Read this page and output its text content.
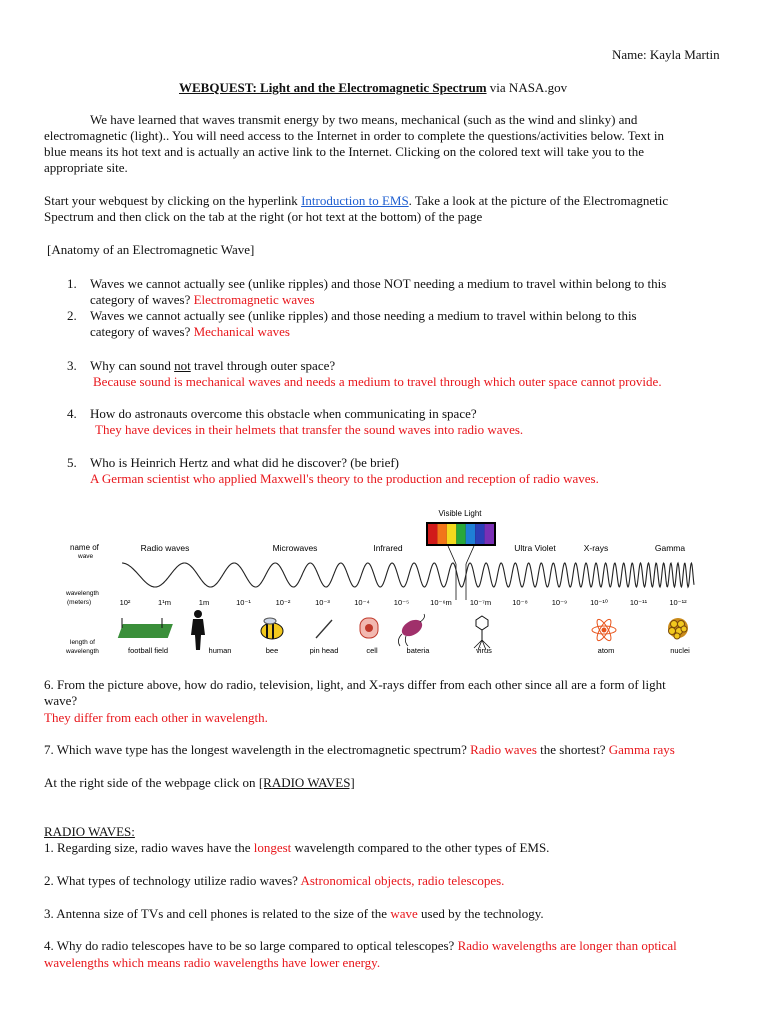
Name: Kayla Martin
WEBQUEST: Light and the Electromagnetic Spectrum via NASA.gov
We have learned that waves transmit energy by two means, mechanical (such as the wind and slinky) and
electromagnetic (light).. You will need access to the Internet in order to complete the questions/activities below. Text in
blue means its hot text and is actually an active link to the Internet. Clicking on the colored text will take you to the
appropriate site.
Start your webquest by clicking on the hyperlink Introduction to EMS. Take a look at the picture of the Electromagnetic
Spectrum and then click on the tab at the right (or hot text at the bottom) of the page
[Anatomy of an Electromagnetic Wave]
1. Waves we cannot actually see (unlike ripples) and those NOT needing a medium to travel within belong to this
category of waves? Electromagnetic waves
2. Waves we cannot actually see (unlike ripples) and those needing a medium to travel within belong to this
category of waves? Mechanical waves
3. Why can sound not travel through outer space?
Because sound is mechanical waves and needs a medium to travel through which outer space cannot provide.
4. How do astronauts overcome this obstacle when communicating in space?
They have devices in their helmets that transfer the sound waves into radio waves.
5. Who is Heinrich Hertz and what did he discover? (be brief)
A German scientist who applied Maxwell's theory to the production and reception of radio waves.
Visible Light
name of
wave
wavelength
(meters)
length of
wavelength
Radio waves	Microwaves	Infrared	Ultra Violet	X-rays	Gamma
10²	1¹m	1m	10⁻¹	10⁻²	10⁻³	10⁻⁴	10⁻⁵	10⁻⁶m 10⁻⁷m	10⁻⁸	10⁻⁹	10⁻¹⁰	10⁻¹¹	10⁻¹²
football field	human	bee	pin head	cell	bateria	virus	atom	nuclei
6. From the picture above, how do radio, television, light, and X-rays differ from each other since all are a form of light
wave?
They differ from each other in wavelength.
7. Which wave type has the longest wavelength in the electromagnetic spectrum? Radio waves the shortest? Gamma rays
At the right side of the webpage click on [RADIO WAVES]
RADIO WAVES:
1. Regarding size, radio waves have the longest wavelength compared to the other types of EMS.
2. What types of technology utilize radio waves? Astronomical objects, radio telescopes.
3. Antenna size of TVs and cell phones is related to the size of the wave used by the technology.
4. Why do radio telescopes have to be so large compared to optical telescopes? Radio wavelengths are longer than optical
wavelengths which means radio wavelengths have lower energy.
